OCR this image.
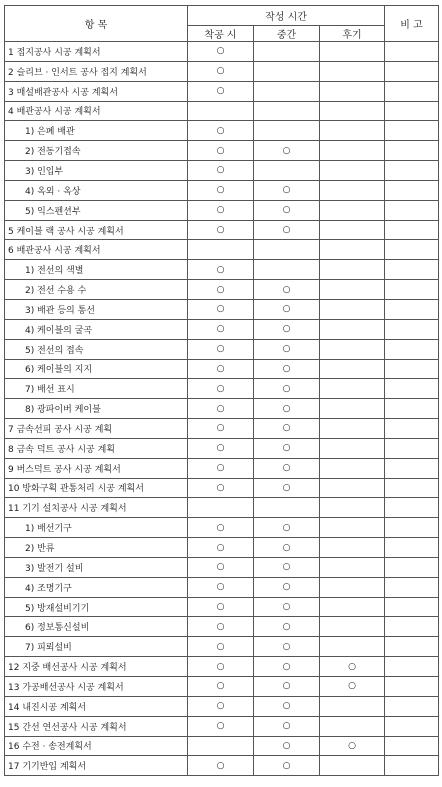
항 목	작성 시간			비 고
	착공 시	중간	후기	
1 접지공사 시공 계획서	○			
2 슬리브 · 인서트 공사 접지 계획서	○			
3 매설배관공사 시공 계획서	○			
4 배관공사 시공 계획서				
1) 은폐 배관	○			
2) 전동기접속	○	○		
3) 인입부	○			
4) 옥외 · 옥상	○	○		
5) 익스펜션부	○	○		
5 케이블 랙 공사 시공 계획서	○	○		
6 배관공사 시공 계획서				
1) 전선의 색별	○			
2) 전선 수용 수	○	○		
3) 배관 등의 통선	○	○		
4) 케이블의 굴곡	○	○		
5) 전선의 접속	○	○		
6) 케이블의 지지	○	○		
7) 배선 표시	○	○		
8) 광파이버 케이블	○	○		
7 금속선피 공사 시공 계획	○	○		
8 금속 덕트 공사 시공 계획	○	○		
9 버스덕트 공사 시공 계획서	○	○		
10 방화구획 관통처리 시공 계획서	○	○		
11 기기 설치공사 시공 계획서				
1) 배선기구	○	○		
2) 반류	○	○		
3) 발전기 설비	○	○		
4) 조명기구	○	○		
5) 방재설비기기	○	○		
6) 정보통신설비	○	○		
7) 피뢰설비	○	○		
12 지중 배선공사 시공 계획서	○	○	○	
13 가공배선공사 시공 계획서	○	○	○	
14 내진시공 계획서	○	○		
15 간선 연선공사 시공 계획서	○	○		
16 수전 · 송전계획서		○	○	
17 기기반입 계획서	○	○		
